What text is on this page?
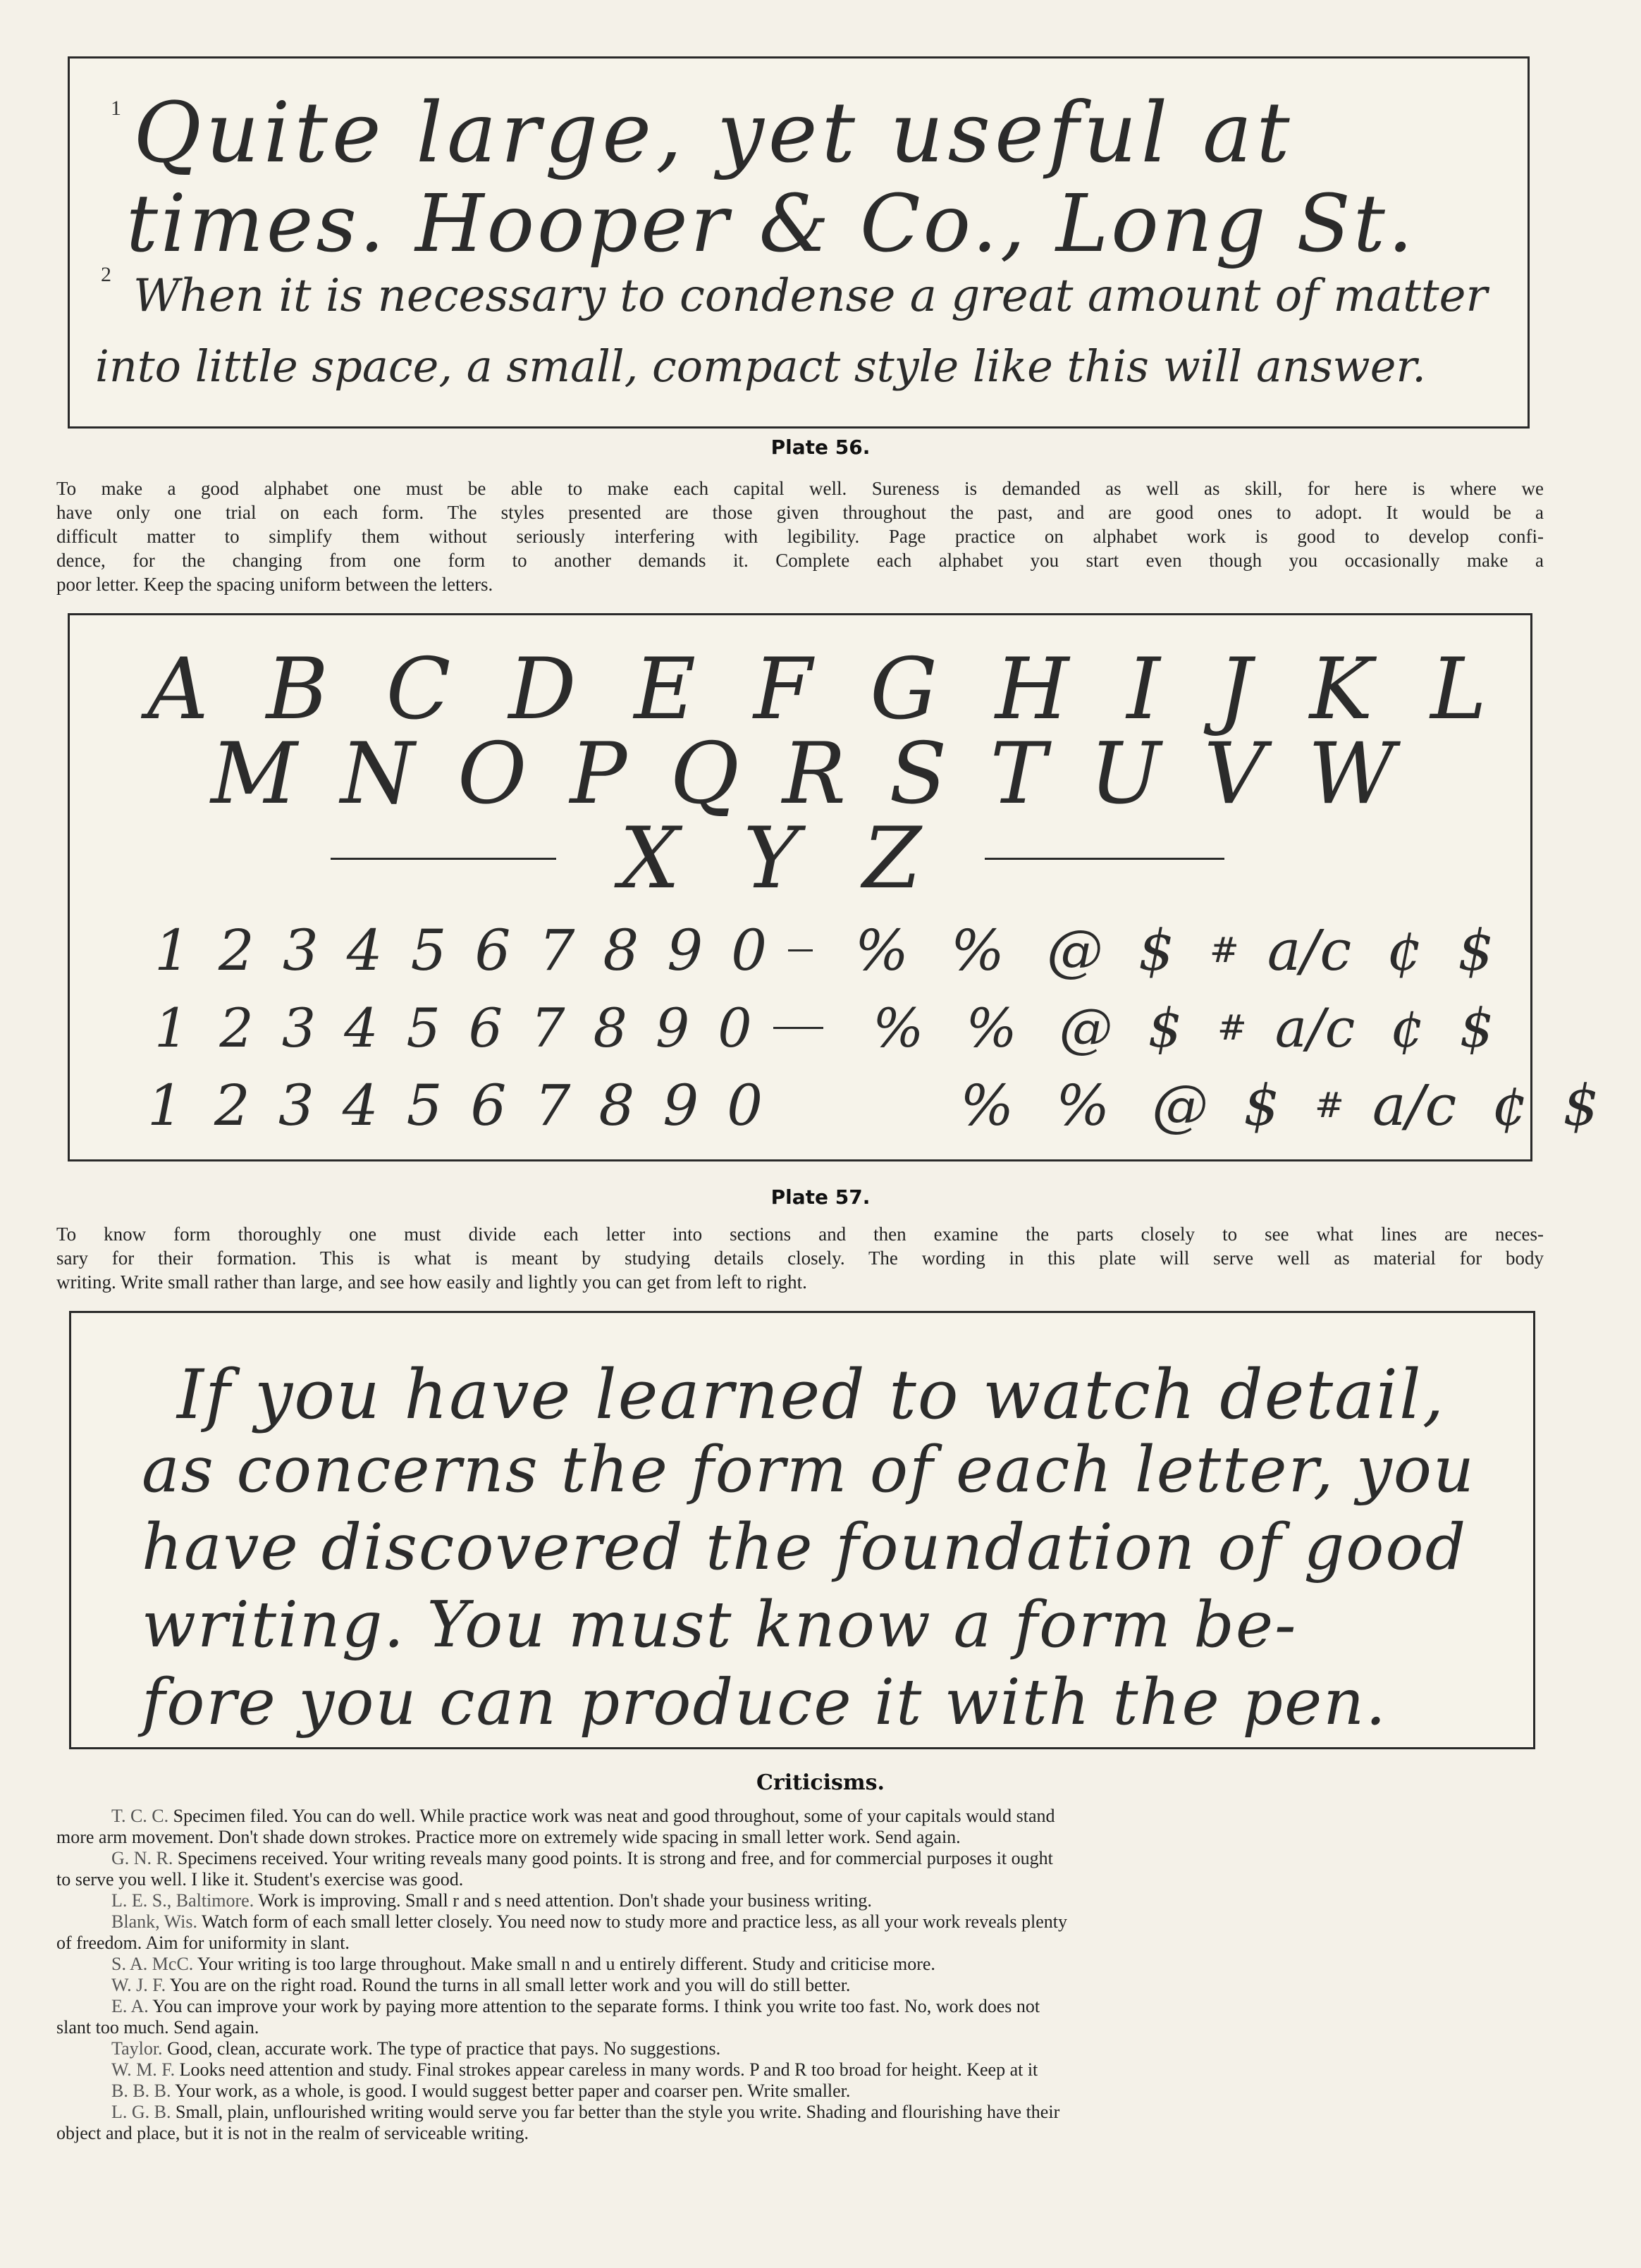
1 Quite large, yet useful at
times. Hooper & Co., Long St.
2 When it is necessary to condense a great amount of matter
into little space, a small, compact style like this will answer.
Plate 56.
To make a good alphabet one must be able to make each capital well. Sureness is demanded as well as skill, for here is where we
have only one trial on each form. The styles presented are those given throughout the past, and are good ones to adopt. It would be a
difficult matter to simplify them without seriously interfering with legibility. Page practice on alphabet work is good to develop confi-
dence, for the changing from one form to another demands it. Complete each alphabet you start even though you occasionally make a
poor letter. Keep the spacing uniform between the letters.
A B C D E F G H I J K L
M N O P Q R S T U V W
X Y Z
1 2 3 4 5 6 7 8 9 0 % % @ $ # a/c ¢ $
1 2 3 4 5 6 7 8 9 0 % % @ $ # a/c ¢ $
1 2 3 4 5 6 7 8 9 0	% % @ $ # a/c ¢ $
Plate 57.
To know form thoroughly one must divide each letter into sections and then examine the parts closely to see what lines are neces-
sary for their formation. This is what is meant by studying details closely. The wording in this plate will serve well as material for body
writing. Write small rather than large, and see how easily and lightly you can get from left to right.
If you have learned to watch detail,
as concerns the form of each letter, you
have discovered the foundation of good
writing. You must know a form be-
fore you can produce it with the pen.
Criticisms.
T. C. C. Specimen filed. You can do well. While practice work was neat and good throughout, some of your capitals would stand
more arm movement. Don't shade down strokes. Practice more on extremely wide spacing in small letter work. Send again.
G. N. R. Specimens received. Your writing reveals many good points. It is strong and free, and for commercial purposes it ought
to serve you well. I like it. Student's exercise was good.
L. E. S., Baltimore. Work is improving. Small r and s need attention. Don't shade your business writing.
Blank, Wis. Watch form of each small letter closely. You need now to study more and practice less, as all your work reveals plenty
of freedom. Aim for uniformity in slant.
S. A. McC. Your writing is too large throughout. Make small n and u entirely different. Study and criticise more.
W. J. F. You are on the right road. Round the turns in all small letter work and you will do still better.
E. A. You can improve your work by paying more attention to the separate forms. I think you write too fast. No, work does not
slant too much. Send again.
Taylor. Good, clean, accurate work. The type of practice that pays. No suggestions.
W. M. F. Looks need attention and study. Final strokes appear careless in many words. P and R too broad for height. Keep at it
B. B. B. Your work, as a whole, is good. I would suggest better paper and coarser pen. Write smaller.
L. G. B. Small, plain, unflourished writing would serve you far better than the style you write. Shading and flourishing have their
object and place, but it is not in the realm of serviceable writing.
